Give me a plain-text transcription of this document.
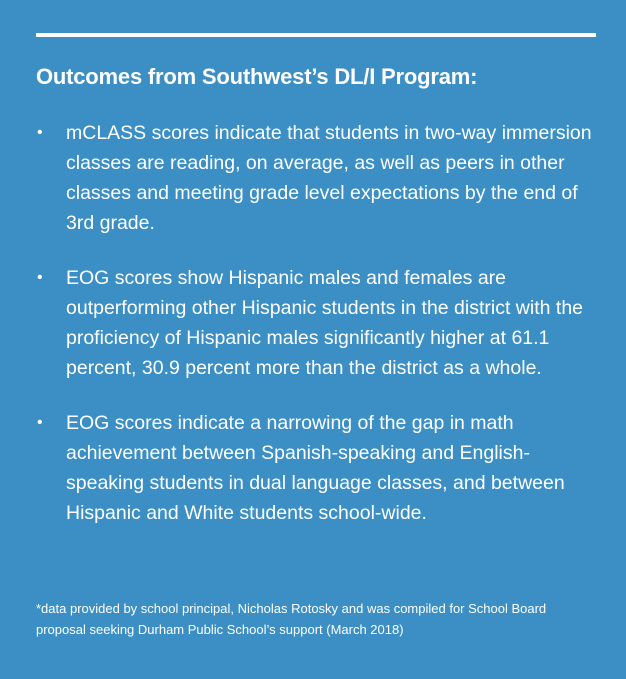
Outcomes from Southwest’s DL/I Program:
• mCLASS scores indicate that students in two-way immersion classes are reading, on average, as well as peers in other classes and meeting grade level expectations by the end of 3rd grade.
• EOG scores show Hispanic males and females are outperforming other Hispanic students in the district with the proficiency of Hispanic males significantly higher at 61.1 percent, 30.9 percent more than the district as a whole.
• EOG scores indicate a narrowing of the gap in math achievement between Spanish-speaking and English-speaking students in dual language classes, and between Hispanic and White students school-wide.

*data provided by school principal, Nicholas Rotosky and was compiled for School Board proposal seeking Durham Public School’s support (March 2018)
